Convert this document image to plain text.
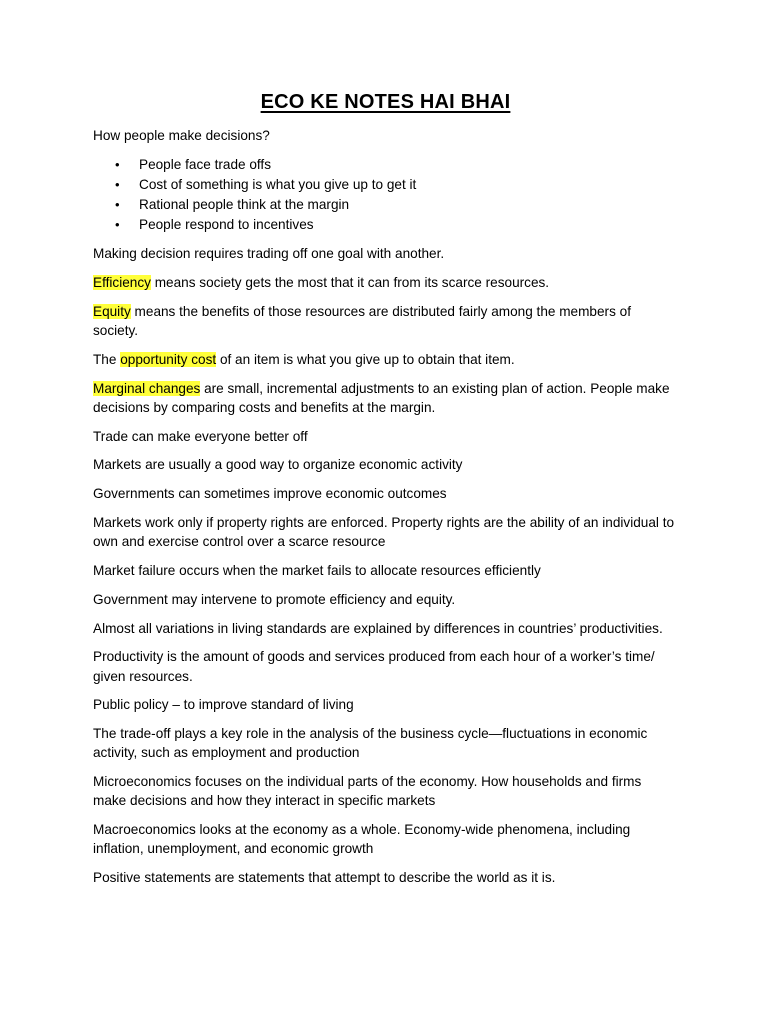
ECO KE NOTES HAI BHAI

How people make decisions?

• People face trade offs
• Cost of something is what you give up to get it
• Rational people think at the margin
• People respond to incentives

Making decision requires trading off one goal with another.

Efficiency means society gets the most that it can from its scarce resources.

Equity means the benefits of those resources are distributed fairly among the members of society.

The opportunity cost of an item is what you give up to obtain that item.

Marginal changes are small, incremental adjustments to an existing plan of action. People make decisions by comparing costs and benefits at the margin.

Trade can make everyone better off

Markets are usually a good way to organize economic activity

Governments can sometimes improve economic outcomes

Markets work only if property rights are enforced. Property rights are the ability of an individual to own and exercise control over a scarce resource

Market failure occurs when the market fails to allocate resources efficiently

Government may intervene to promote efficiency and equity.

Almost all variations in living standards are explained by differences in countries’ productivities.

Productivity is the amount of goods and services produced from each hour of a worker’s time/ given resources.

Public policy – to improve standard of living

The trade-off plays a key role in the analysis of the business cycle—fluctuations in economic activity, such as employment and production

Microeconomics focuses on the individual parts of the economy. How households and firms make decisions and how they interact in specific markets

Macroeconomics looks at the economy as a whole. Economy-wide phenomena, including inflation, unemployment, and economic growth

Positive statements are statements that attempt to describe the world as it is.
